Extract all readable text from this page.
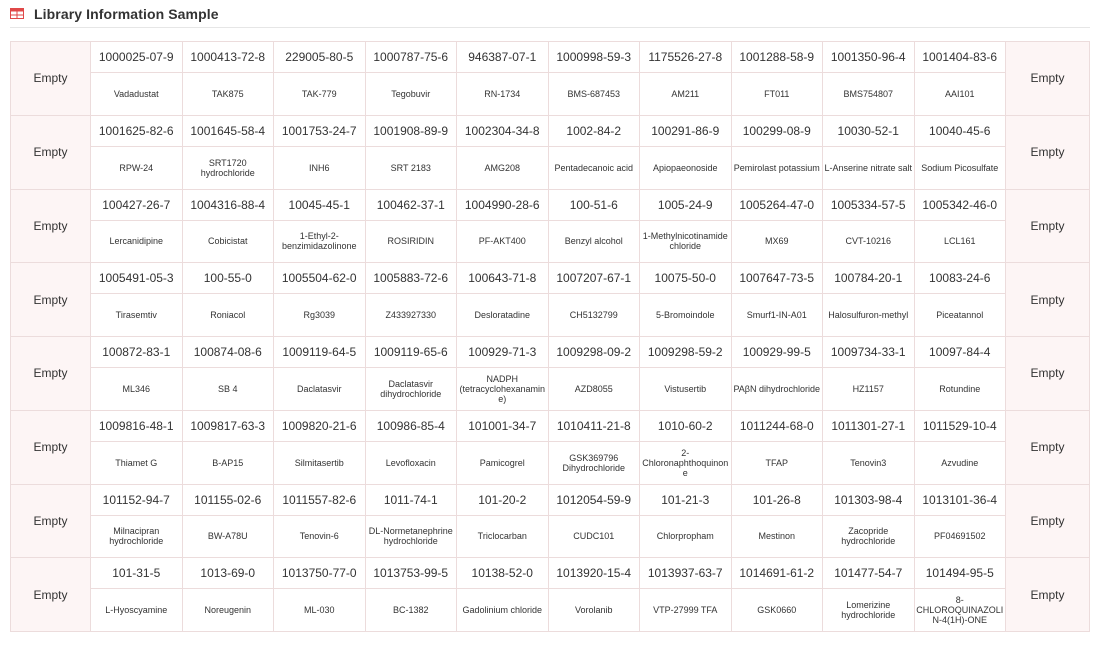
Library Information Sample
Empty
1000025-07-9
Vadadustat
1000413-72-8
TAK875
229005-80-5
TAK-779
1000787-75-6
Tegobuvir
946387-07-1
RN-1734
1000998-59-3
BMS-687453
1175526-27-8
AM211
1001288-58-9
FT011
1001350-96-4
BMS754807
1001404-83-6
AAI101
Empty
Empty
1001625-82-6
RPW-24
1001645-58-4
SRT1720 hydrochloride
1001753-24-7
INH6
1001908-89-9
SRT 2183
1002304-34-8
AMG208
1002-84-2
Pentadecanoic acid
100291-86-9
Apiopaeonoside
100299-08-9
Pemirolast potassium
10030-52-1
L-Anserine nitrate salt
10040-45-6
Sodium Picosulfate
Empty
Empty
100427-26-7
Lercanidipine
1004316-88-4
Cobicistat
10045-45-1
1-Ethyl-2-benzimidazolinone
100462-37-1
ROSIRIDIN
1004990-28-6
PF-AKT400
100-51-6
Benzyl alcohol
1005-24-9
1-Methylnicotinamide chloride
1005264-47-0
MX69
1005334-57-5
CVT-10216
1005342-46-0
LCL161
Empty
Empty
1005491-05-3
Tirasemtiv
100-55-0
Roniacol
1005504-62-0
Rg3039
1005883-72-6
Z433927330
100643-71-8
Desloratadine
1007207-67-1
CH5132799
10075-50-0
5-Bromoindole
1007647-73-5
Smurf1-IN-A01
100784-20-1
Halosulfuron-methyl
10083-24-6
Piceatannol
Empty
Empty
100872-83-1
ML346
100874-08-6
SB 4
1009119-64-5
Daclatasvir
1009119-65-6
Daclatasvir dihydrochloride
100929-71-3
NADPH (tetracyclohexanamine)
1009298-09-2
AZD8055
1009298-59-2
Vistusertib
100929-99-5
PAβN dihydrochloride
1009734-33-1
HZ1157
10097-84-4
Rotundine
Empty
Empty
1009816-48-1
Thiamet G
1009817-63-3
B-AP15
1009820-21-6
Silmitasertib
100986-85-4
Levofloxacin
101001-34-7
Pamicogrel
1010411-21-8
GSK369796 Dihydrochloride
1010-60-2
2-Chloronaphthoquinone
1011244-68-0
TFAP
1011301-27-1
Tenovin3
1011529-10-4
Azvudine
Empty
Empty
101152-94-7
Milnacipran hydrochloride
101155-02-6
BW-A78U
1011557-82-6
Tenovin-6
1011-74-1
DL-Normetanephrine hydrochloride
101-20-2
Triclocarban
1012054-59-9
CUDC101
101-21-3
Chlorpropham
101-26-8
Mestinon
101303-98-4
Zacopride hydrochloride
1013101-36-4
PF04691502
Empty
Empty
101-31-5
L-Hyoscyamine
1013-69-0
Noreugenin
1013750-77-0
ML-030
1013753-99-5
BC-1382
10138-52-0
Gadolinium chloride
1013920-15-4
Vorolanib
1013937-63-7
VTP-27999 TFA
1014691-61-2
GSK0660
101477-54-7
Lomerizine hydrochloride
101494-95-5
8-CHLOROQUINAZOLIN-4(1H)-ONE
Empty
